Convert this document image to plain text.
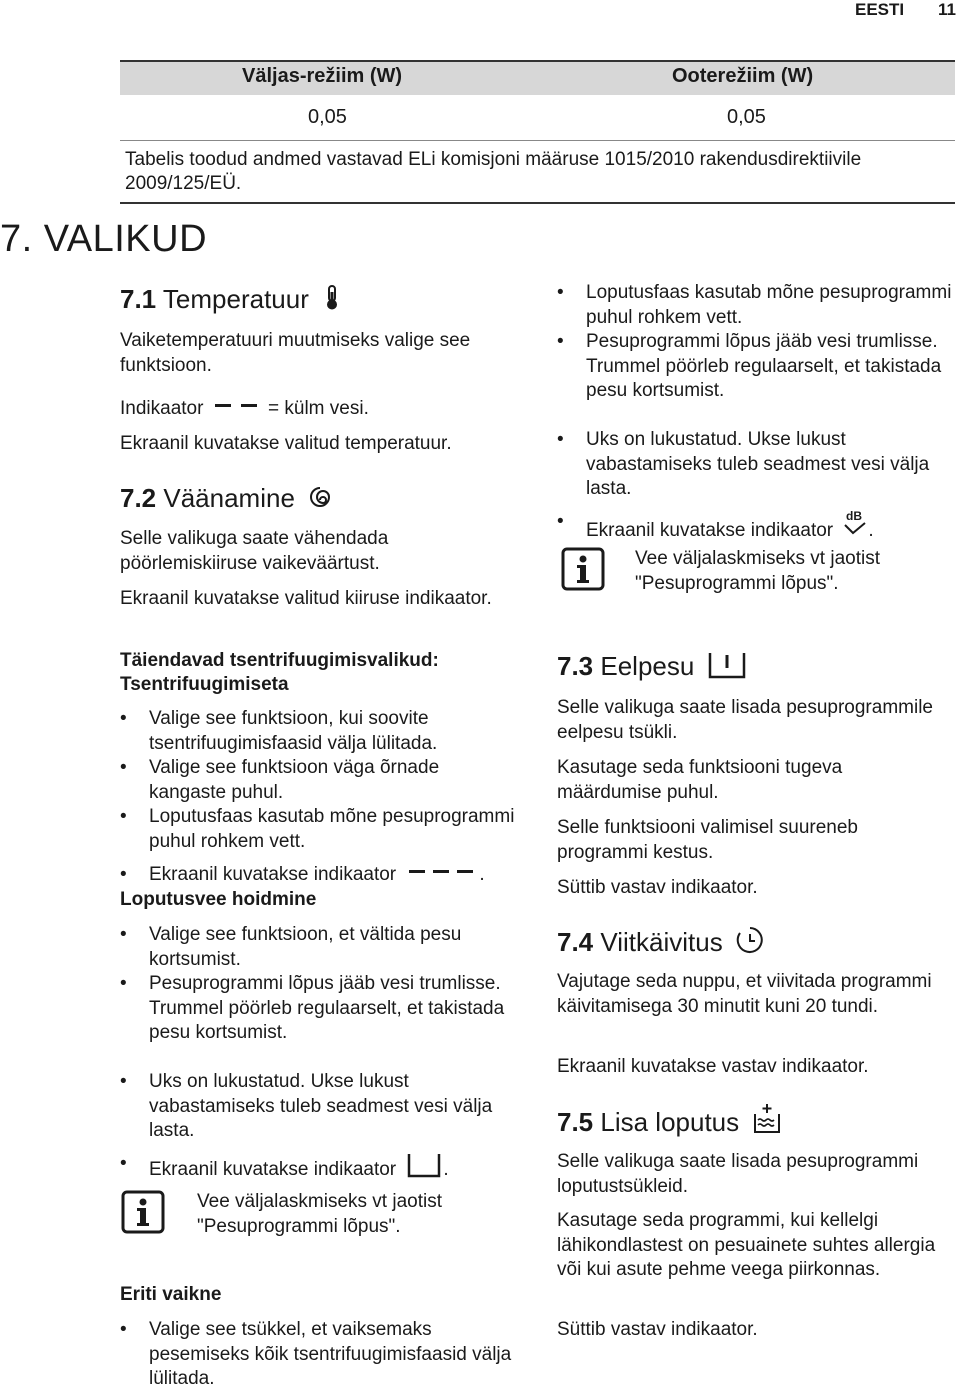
EESTI 11
Väljas-režiim (W)	Ooterežiim (W)
0,05	0,05
Tabelis toodud andmed vastavad ELi komisjoni määruse 1015/2010 rakendusdirektiivile 2009/125/EÜ.
7. VALIKUD
7.1 Temperatuur
Vaiketemperatuuri muutmiseks valige see funktsioon.
Indikaator	= külm vesi.
Ekraanil kuvatakse valitud temperatuur.
7.2 Väänamine
Selle valikuga saate vähendada pöörlemiskiiruse vaikeväärtust.
Ekraanil kuvatakse valitud kiiruse indikaator.
Täiendavad tsentrifuugimisvalikud:
Tsentrifuugimiseta
• Valige see funktsioon, kui soovite tsentrifuugimisfaasid välja lülitada.
• Valige see funktsioon väga õrnade kangaste puhul.
• Loputusfaas kasutab mõne pesuprogrammi puhul rohkem vett.
• Ekraanil kuvatakse indikaator	.
Loputusvee hoidmine
• Valige see funktsioon, et vältida pesu kortsumist.
• Pesuprogrammi lõpus jääb vesi trumlisse. Trummel pöörleb regulaarselt, et takistada pesu kortsumist.
• Uks on lukustatud. Ukse lukust vabastamiseks tuleb seadmest vesi välja lasta.
• Ekraanil kuvatakse indikaator .
Vee väljalaskmiseks vt jaotist "Pesuprogrammi lõpus".
Eriti vaikne
• Valige see tsükkel, et vaiksemaks pesemiseks kõik tsentrifuugimisfaasid välja lülitada.
• Loputusfaas kasutab mõne pesuprogrammi puhul rohkem vett.
• Pesuprogrammi lõpus jääb vesi trumlisse. Trummel pöörleb regulaarselt, et takistada pesu kortsumist.
• Uks on lukustatud. Ukse lukust vabastamiseks tuleb seadmest vesi välja lasta.
• Ekraanil kuvatakse indikaator
dB
.
Vee väljalaskmiseks vt jaotist "Pesuprogrammi lõpus".
7.3 Eelpesu
Selle valikuga saate lisada pesuprogrammile eelpesu tsükli.
Kasutage seda funktsiooni tugeva määrdumise puhul.
Selle funktsiooni valimisel suureneb programmi kestus.
Süttib vastav indikaator.
7.4 Viitkäivitus
Vajutage seda nuppu, et viivitada programmi käivitamisega 30 minutit kuni 20 tundi.
Ekraanil kuvatakse vastav indikaator.
7.5 Lisa loputus
Selle valikuga saate lisada pesuprogrammi loputustsükleid.
Kasutage seda programmi, kui kellelgi lähikondlastest on pesuainete suhtes allergia või kui asute pehme veega piirkonnas.
Süttib vastav indikaator.
